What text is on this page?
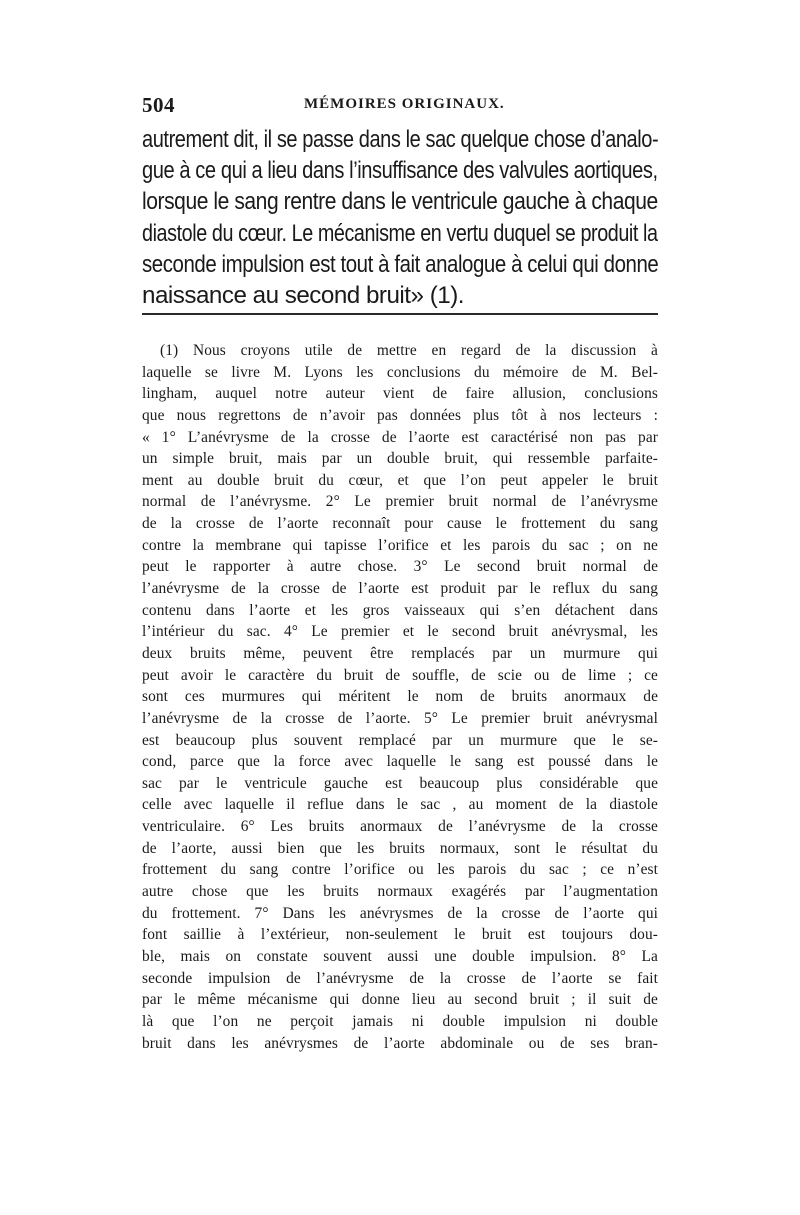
504	MÉMOIRES ORIGINAUX.
autrement dit, il se passe dans le sac quelque chose d’analo-
gue à ce qui a lieu dans l’insuffisance des valvules aortiques,
lorsque le sang rentre dans le ventricule gauche à chaque
diastole du cœur. Le mécanisme en vertu duquel se produit la
seconde impulsion est tout à fait analogue à celui qui donne
naissance au second bruit» (1).
(1) Nous croyons utile de mettre en regard de la discussion à
laquelle se livre M. Lyons les conclusions du mémoire de M. Bel-
lingham, auquel notre auteur vient de faire allusion, conclusions
que nous regrettons de n’avoir pas données plus tôt à nos lecteurs :
« 1° L’anévrysme de la crosse de l’aorte est caractérisé non pas par
un simple bruit, mais par un double bruit, qui ressemble parfaite-
ment au double bruit du cœur, et que l’on peut appeler le bruit
normal de l’anévrysme. 2° Le premier bruit normal de l’anévrysme
de la crosse de l’aorte reconnaît pour cause le frottement du sang
contre la membrane qui tapisse l’orifice et les parois du sac ; on ne
peut le rapporter à autre chose. 3° Le second bruit normal de
l’anévrysme de la crosse de l’aorte est produit par le reflux du sang
contenu dans l’aorte et les gros vaisseaux qui s’en détachent dans
l’intérieur du sac. 4° Le premier et le second bruit anévrysmal, les
deux bruits même, peuvent être remplacés par un murmure qui
peut avoir le caractère du bruit de souffle, de scie ou de lime ; ce
sont ces murmures qui méritent le nom de bruits anormaux de
l’anévrysme de la crosse de l’aorte. 5° Le premier bruit anévrysmal
est beaucoup plus souvent remplacé par un murmure que le se-
cond, parce que la force avec laquelle le sang est poussé dans le
sac par le ventricule gauche est beaucoup plus considérable que
celle avec laquelle il reflue dans le sac , au moment de la diastole
ventriculaire. 6° Les bruits anormaux de l’anévrysme de la crosse
de l’aorte, aussi bien que les bruits normaux, sont le résultat du
frottement du sang contre l’orifice ou les parois du sac ; ce n’est
autre chose que les bruits normaux exagérés par l’augmentation
du frottement. 7° Dans les anévrysmes de la crosse de l’aorte qui
font saillie à l’extérieur, non-seulement le bruit est toujours dou-
ble, mais on constate souvent aussi une double impulsion. 8° La
seconde impulsion de l’anévrysme de la crosse de l’aorte se fait
par le même mécanisme qui donne lieu au second bruit ; il suit de
là que l’on ne perçoit jamais ni double impulsion ni double
bruit dans les anévrysmes de l’aorte abdominale ou de ses bran-
